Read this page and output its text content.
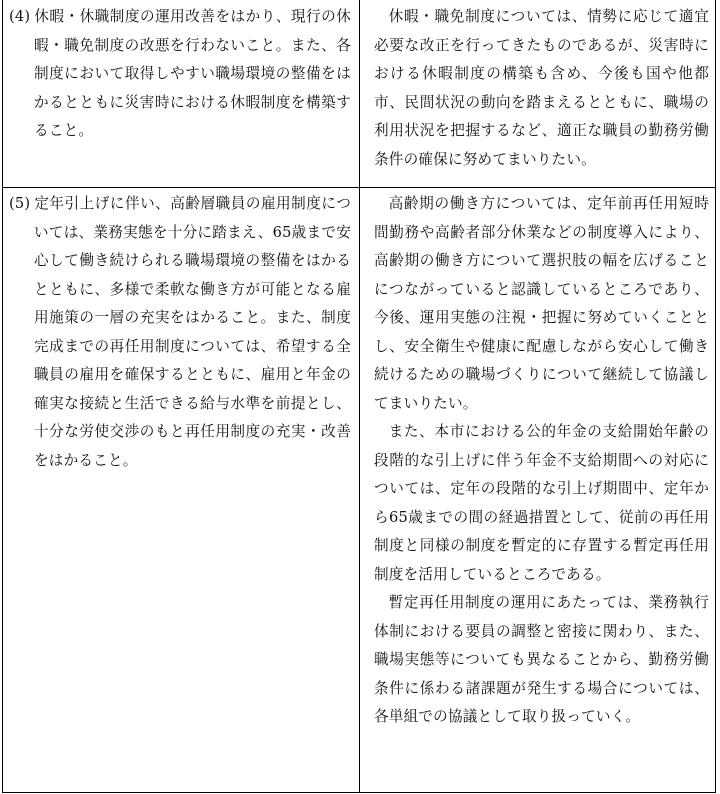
(4) 休暇・休職制度の運用改善をはかり、現行の休暇・職免制度の改悪を行わないこと。また、各制度において取得しやすい職場環境の整備をはかるとともに災害時における休暇制度を構築すること。

休暇・職免制度については、情勢に応じて適宜必要な改正を行ってきたものであるが、災害時における休暇制度の構築も含め、今後も国や他都市、民間状況の動向を踏まえるとともに、職場の利用状況を把握するなど、適正な職員の勤務労働条件の確保に努めてまいりたい。

(5) 定年引上げに伴い、高齢層職員の雇用制度については、業務実態を十分に踏まえ、65歳まで安心して働き続けられる職場環境の整備をはかるとともに、多様で柔軟な働き方が可能となる雇用施策の一層の充実をはかること。また、制度完成までの再任用制度については、希望する全職員の雇用を確保するとともに、雇用と年金の確実な接続と生活できる給与水準を前提とし、十分な労使交渉のもと再任用制度の充実・改善をはかること。

高齢期の働き方については、定年前再任用短時間勤務や高齢者部分休業などの制度導入により、高齢期の働き方について選択肢の幅を広げることにつながっていると認識しているところであり、今後、運用実態の注視・把握に努めていくこととし、安全衛生や健康に配慮しながら安心して働き続けるための職場づくりについて継続して協議してまいりたい。

また、本市における公的年金の支給開始年齢の段階的な引上げに伴う年金不支給期間への対応については、定年の段階的な引上げ期間中、定年から65歳までの間の経過措置として、従前の再任用制度と同様の制度を暫定的に存置する暫定再任用制度を活用しているところである。

暫定再任用制度の運用にあたっては、業務執行体制における要員の調整と密接に関わり、また、職場実態等についても異なることから、勤務労働条件に係わる諸課題が発生する場合については、各単組での協議として取り扱っていく。
